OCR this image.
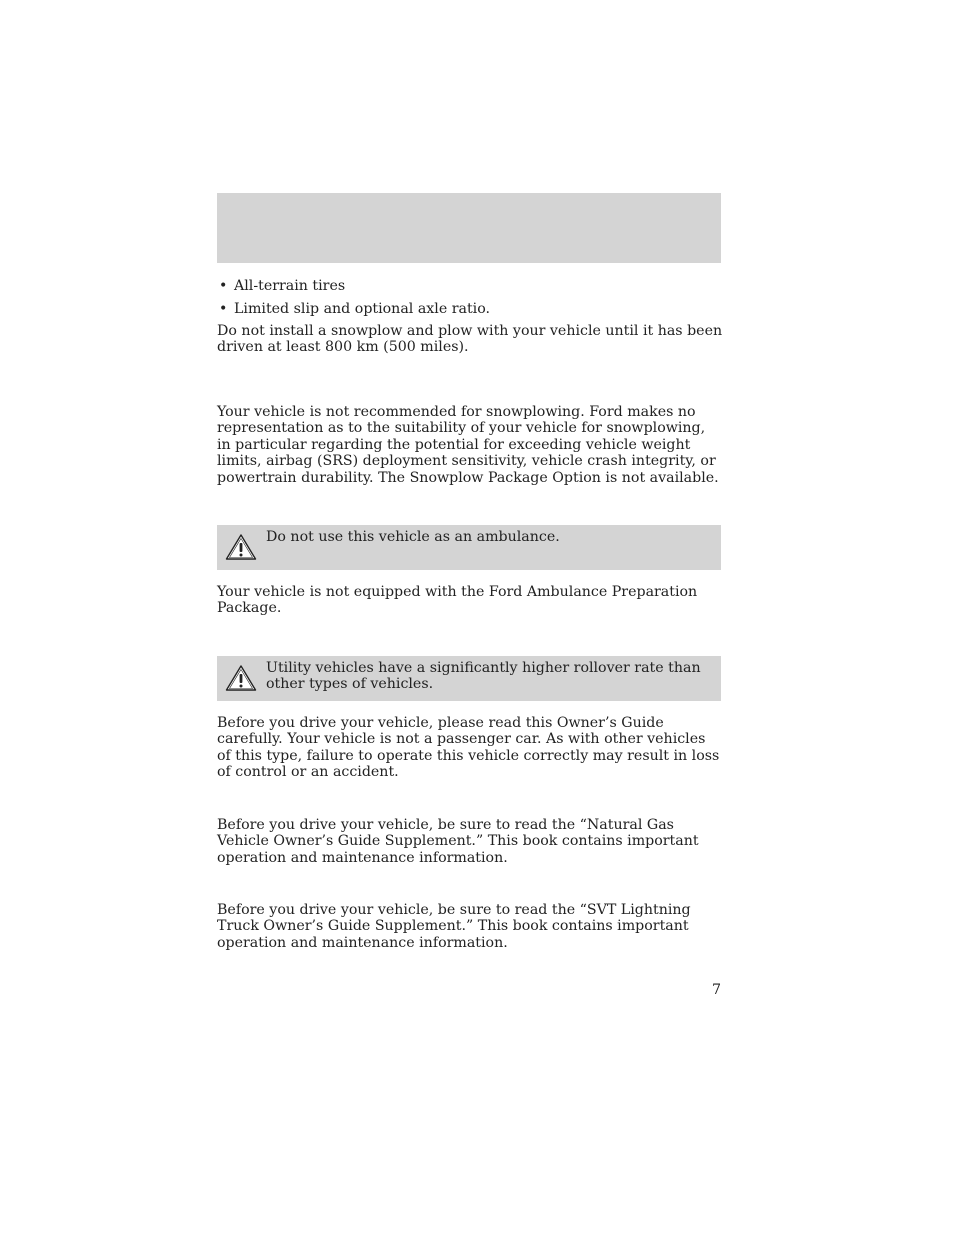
• All-terrain tires
• Limited slip and optional axle ratio.

Do not install a snowplow and plow with your vehicle until it has been driven at least 800 km (500 miles).

Your vehicle is not recommended for snowplowing. Ford makes no representation as to the suitability of your vehicle for snowplowing, in particular regarding the potential for exceeding vehicle weight limits, airbag (SRS) deployment sensitivity, vehicle crash integrity, or powertrain durability. The Snowplow Package Option is not available.

Do not use this vehicle as an ambulance.

Your vehicle is not equipped with the Ford Ambulance Preparation Package.

Utility vehicles have a significantly higher rollover rate than other types of vehicles.

Before you drive your vehicle, please read this Owner’s Guide carefully. Your vehicle is not a passenger car. As with other vehicles of this type, failure to operate this vehicle correctly may result in loss of control or an accident.

Before you drive your vehicle, be sure to read the “Natural Gas Vehicle Owner’s Guide Supplement.” This book contains important operation and maintenance information.

Before you drive your vehicle, be sure to read the “SVT Lightning Truck Owner’s Guide Supplement.” This book contains important operation and maintenance information.

7
